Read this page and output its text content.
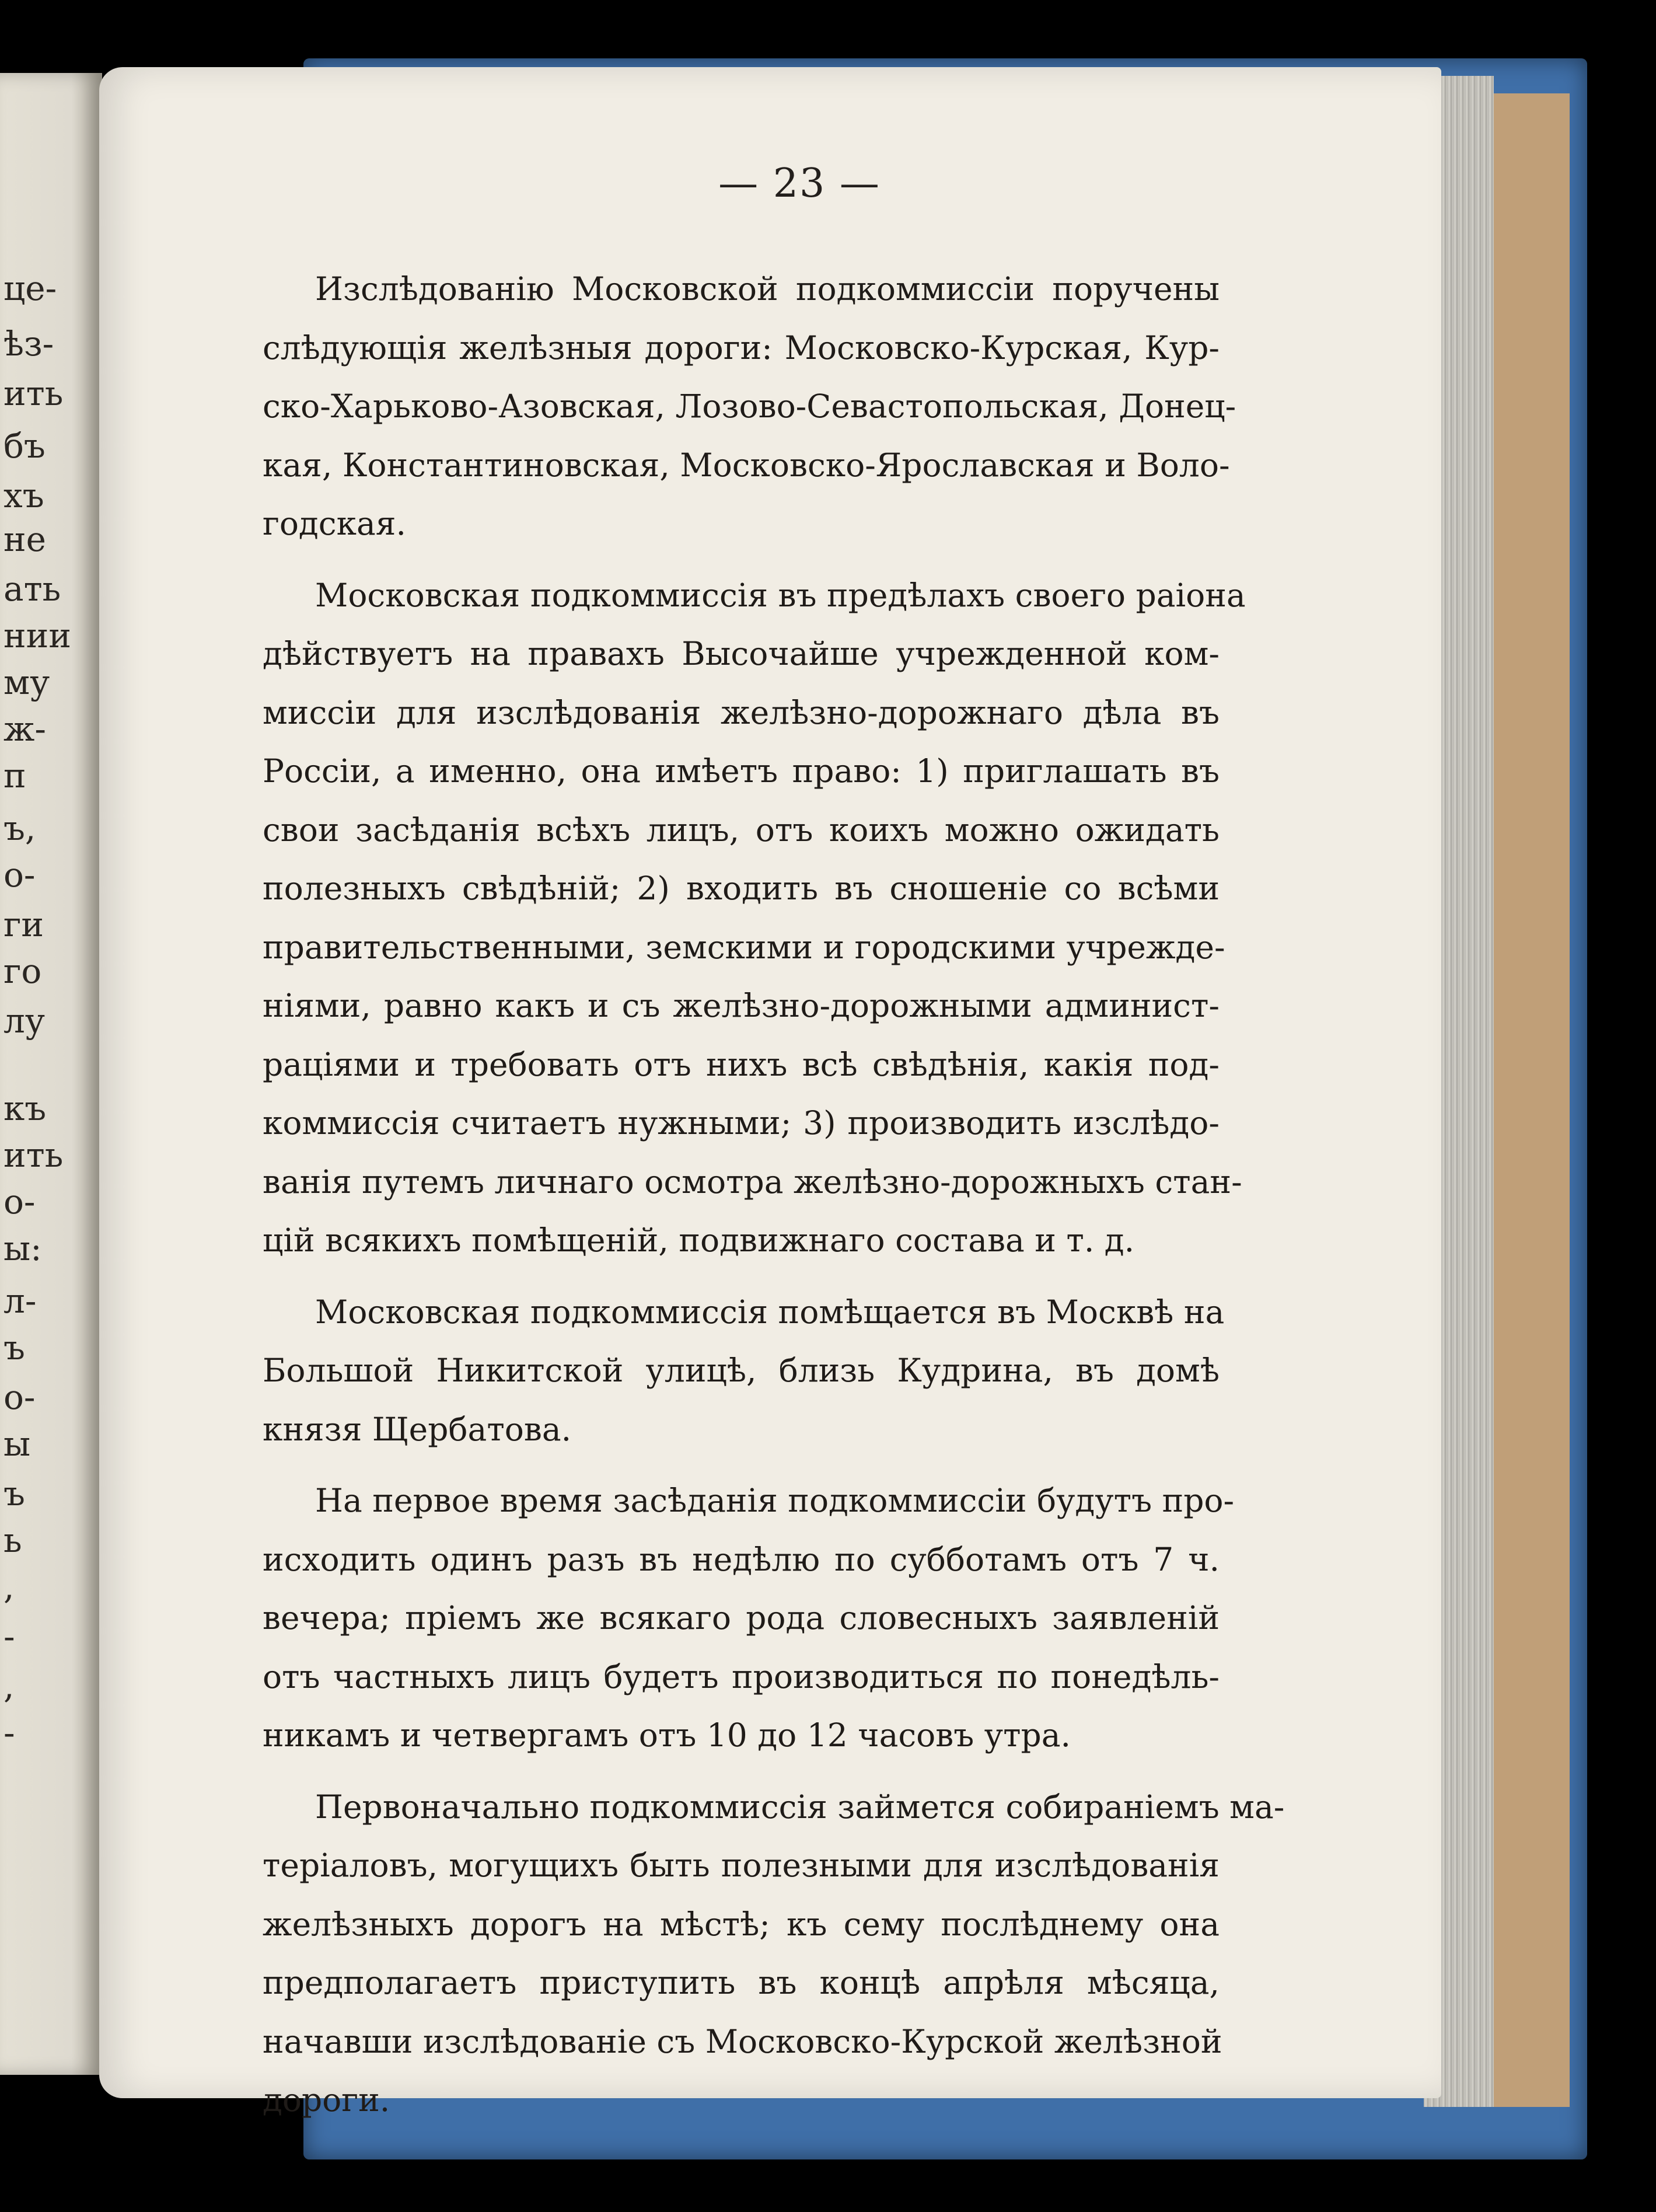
це-
ѣз-
ить
бъ
хъ
не
ать
нии
му
ж-
п
ъ,
о-
ги
го
лу
къ
ить
о-
ы:
л-
ъ
о-
ы
ъ
ь
,
-
,
-
— 23 —
Изслѣдованію Московской подкоммиссіи поручены
слѣдующія желѣзныя дороги: Московско-Курская, Кур-
ско-Харьково-Азовская, Лозово-Севастопольская, Донец-
кая, Константиновская, Московско-Ярославская и Воло-
годская.
Московская подкоммиссія въ предѣлахъ своего раіона
дѣйствуетъ на правахъ Высочайше учрежденной ком-
миссіи для изслѣдованія желѣзно-дорожнаго дѣла въ
Россіи, а именно, она имѣетъ право: 1) приглашать въ
свои засѣданія всѣхъ лицъ, отъ коихъ можно ожидать
полезныхъ свѣдѣній; 2) входить въ сношеніе со всѣми
правительственными, земскими и городскими учрежде-
ніями, равно какъ и съ желѣзно-дорожными админист-
раціями и требовать отъ нихъ всѣ свѣдѣнія, какія под-
коммиссія считаетъ нужными; 3) производить изслѣдо-
ванія путемъ личнаго осмотра желѣзно-дорожныхъ стан-
цій всякихъ помѣщеній, подвижнаго состава и т. д.
Московская подкоммиссія помѣщается въ Москвѣ на
Большой Никитской улицѣ, близь Кудрина, въ домѣ
князя Щербатова.
На первое время засѣданія подкоммиссіи будутъ про-
исходить одинъ разъ въ недѣлю по субботамъ отъ 7 ч.
вечера; пріемъ же всякаго рода словесныхъ заявленій
отъ частныхъ лицъ будетъ производиться по понедѣль-
никамъ и четвергамъ отъ 10 до 12 часовъ утра.
Первоначально подкоммиссія займется собираніемъ ма-
теріаловъ, могущихъ быть полезными для изслѣдованія
желѣзныхъ дорогъ на мѣстѣ; къ сему послѣднему она
предполагаетъ приступить въ концѣ апрѣля мѣсяца,
начавши изслѣдованіе съ Московско-Курской желѣзной
дороги.
